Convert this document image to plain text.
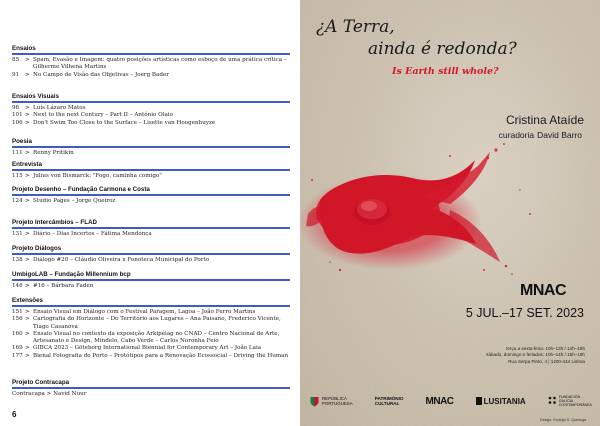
Ensaios
85 > Spam, Evasão e Imagem: quatro posições artísticas como esboço de uma prática crítica –
Gilherme Vilhena Martins
91 > No Campo de Visão das Objetivas – Joerg Bader
Ensaios Visuais
96 > Luís Lázaro Matos
101 > Next to the next Century – Part II – António Olaio
106 > Don't Swim Too Close to the Surface – Lisette van Hoogenhuyze
Poesia
111 > Renny Pritikin
Entrevista
115 > Julius von Bismarck: "Fogo, caminha comigo"
Projeto Desenho – Fundação Carmona e Costa
124 > Studio Pages – Jorge Queiroz
Projeto Intercâmbios – FLAD
131 > Diário – Dias Incertos – Fátima Mendonça
Projeto Diálogos
138 > Diálogo #20 – Cláudio Oliveira x Fonoteca Municipal do Porto
UmbigoLAB – Fundação Millennium bcp
146 > #16 – Bárbara Faden
Extensões
151 > Ensaio Visual em Diálogo com o Festival Paragem, Lagoa – João Ferro Martins
156 > Cartografia do Horizonte – Do Território aos Lugares – Ana Paisano, Frederico Vicente,
Tiago Casanova
160 > Ensaio Visual no contexto da exposição Arkipélag no CNAD – Centro Nacional de Arte,
Artesanato e Design, Mindelo, Cabo Verde – Carlos Noronha Feio
169 > GIBCA 2023 – Göteborg International Biennial for Contemporary Art – João Laia
177 > Bienal Fotografia do Porto – Protótipos para a Renovação Ecossocial – Driving the Human
Projeto Contracapa
Contracapa > Navid Nuur
6
¿A Terra,
ainda é redonda?
Is Earth still whole?
Cristina Ataíde
curadoria David Barro
MNAC
5 JUL.–17 SET. 2023
terça a sexta-feira: 10h–13h / 14h–18h
sábado, domingo e feriados: 10h–14h / 15h–18h
Rua Serpa Pinto, 4 | 1200-444 Lisboa
REPÚBLICA
PORTUGUESA
PATRIMÓNIO
CULTURAL	MNAC	LUSITANIA	FUNDACIÓN
GALICIA
CONTEMPORÁNEA
Design: Rodrigo S. Queiroga
